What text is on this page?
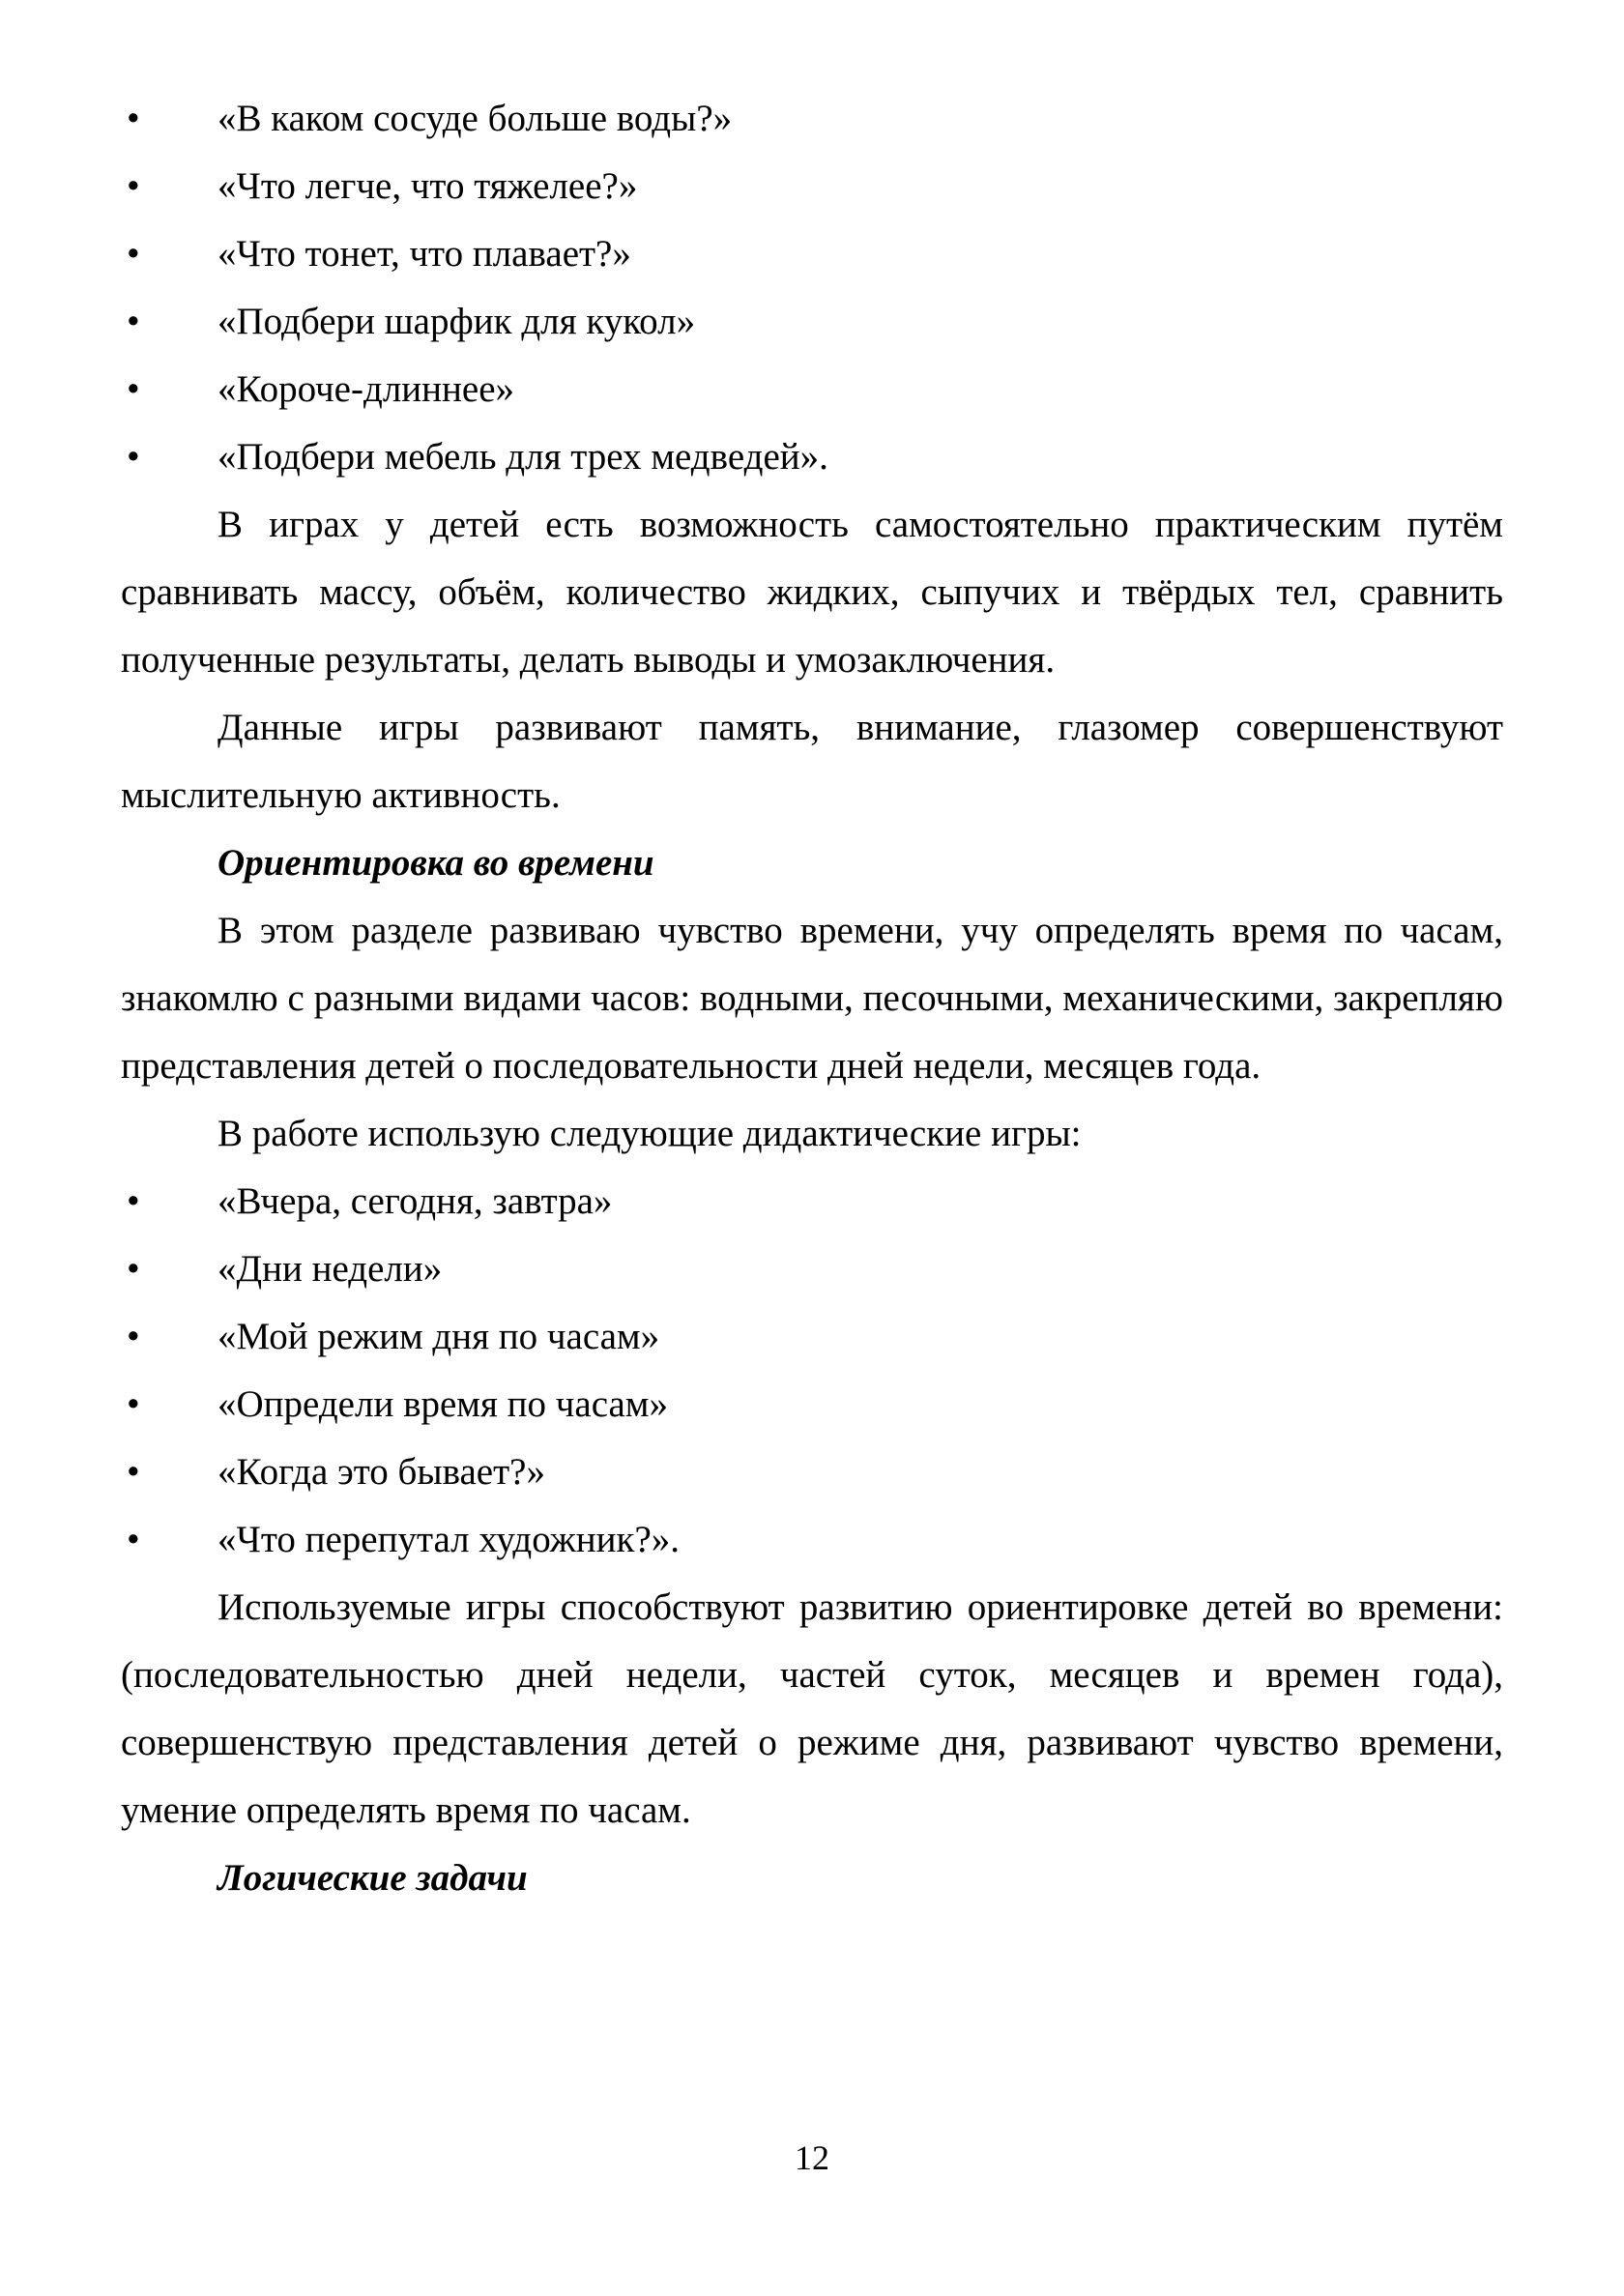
• «В каком сосуде больше воды?»
• «Что легче, что тяжелее?»
• «Что тонет, что плавает?»
• «Подбери шарфик для кукол»
• «Короче-длиннее»
• «Подбери мебель для трех медведей».

В играх у детей есть возможность самостоятельно практическим путём сравнивать массу, объём, количество жидких, сыпучих и твёрдых тел, сравнить полученные результаты, делать выводы и умозаключения.

Данные игры развивают память, внимание, глазомер совершенствуют мыслительную активность.

Ориентировка во времени

В этом разделе развиваю чувство времени, учу определять время по часам, знакомлю с разными видами часов: водными, песочными, механическими, закрепляю представления детей о последовательности дней недели, месяцев года.

В работе использую следующие дидактические игры:

• «Вчера, сегодня, завтра»
• «Дни недели»
• «Мой режим дня по часам»
• «Определи время по часам»
• «Когда это бывает?»
• «Что перепутал художник?».

Используемые игры способствуют развитию ориентировке детей во времени: (последовательностью дней недели, частей суток, месяцев и времен года), совершенствую представления детей о режиме дня, развивают чувство времени, умение определять время по часам.

Логические задачи

12
